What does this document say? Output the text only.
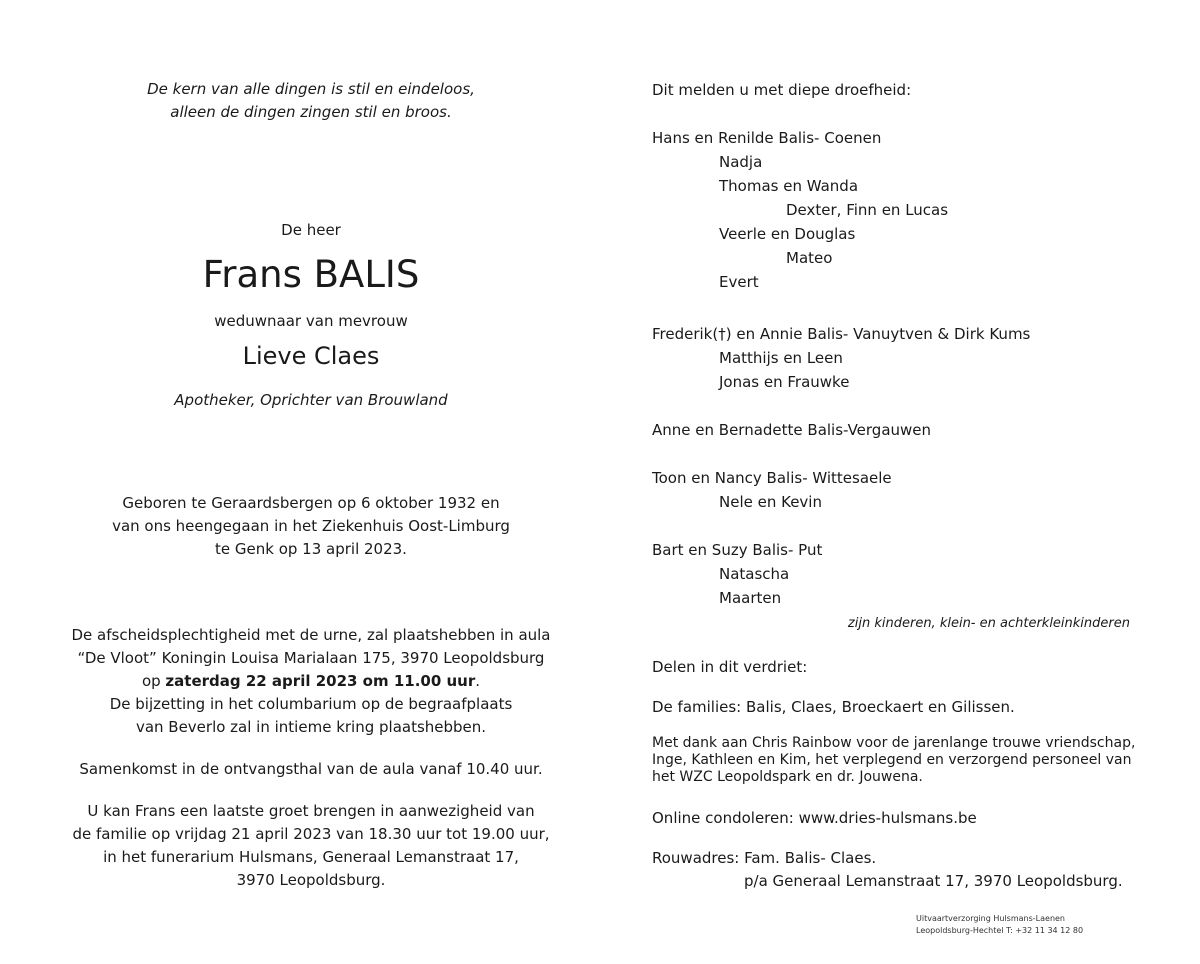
De kern van alle dingen is stil en eindeloos,
alleen de dingen zingen stil en broos.
De heer
Frans BALIS
weduwnaar van mevrouw
Lieve Claes
Apotheker, Oprichter van Brouwland
Geboren te Geraardsbergen op 6 oktober 1932 en
van ons heengegaan in het Ziekenhuis Oost-Limburg
te Genk op 13 april 2023.
De afscheidsplechtigheid met de urne, zal plaatshebben in aula
“De Vloot” Koningin Louisa Marialaan 175, 3970 Leopoldsburg
op zaterdag 22 april 2023 om 11.00 uur.
De bijzetting in het columbarium op de begraafplaats
van Beverlo zal in intieme kring plaatshebben.
Samenkomst in de ontvangsthal van de aula vanaf 10.40 uur.
U kan Frans een laatste groet brengen in aanwezigheid van
de familie op vrijdag 21 april 2023 van 18.30 uur tot 19.00 uur,
in het funerarium Hulsmans, Generaal Lemanstraat 17,
3970 Leopoldsburg.
Dit melden u met diepe droefheid:
Hans en Renilde Balis- Coenen
Nadja
Thomas en Wanda
Dexter, Finn en Lucas
Veerle en Douglas
Mateo
Evert
Frederik(†) en Annie Balis- Vanuytven & Dirk Kums
Matthijs en Leen
Jonas en Frauwke
Anne en Bernadette Balis-Vergauwen
Toon en Nancy Balis- Wittesaele
Nele en Kevin
Bart en Suzy Balis- Put
Natascha
Maarten
zijn kinderen, klein- en achterkleinkinderen
Delen in dit verdriet:
De families: Balis, Claes, Broeckaert en Gilissen.
Met dank aan Chris Rainbow voor de jarenlange trouwe vriendschap,
Inge, Kathleen en Kim, het verplegend en verzorgend personeel van
het WZC Leopoldspark en dr. Jouwena.
Online condoleren: www.dries-hulsmans.be
Rouwadres: Fam. Balis- Claes.
p/a Generaal Lemanstraat 17, 3970 Leopoldsburg.
Uitvaartverzorging Hulsmans-Laenen
Leopoldsburg-Hechtel T: +32 11 34 12 80
